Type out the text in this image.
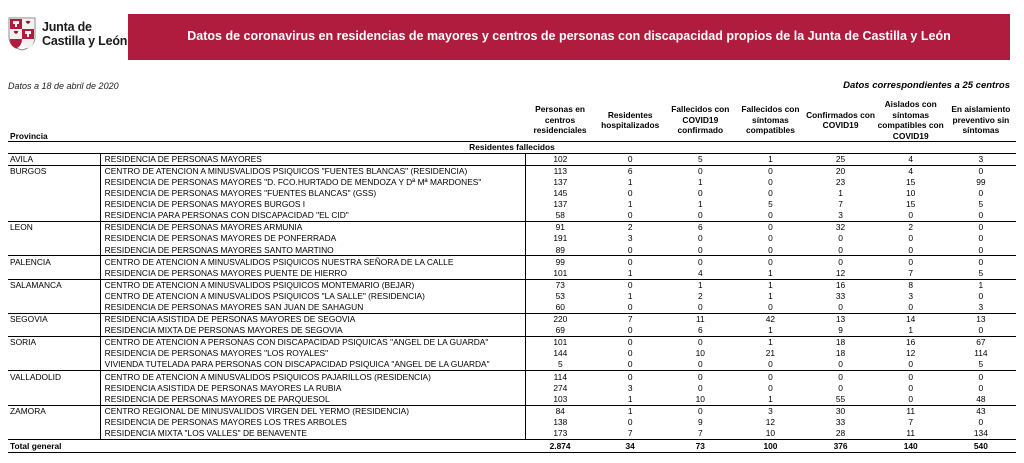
Junta de
Castilla y León	Datos de coronavirus en residencias de mayores y centros de personas con discapacidad propios de la Junta de Castilla y León
Datos a 18 de abril de 2020	Datos correspondientes a 25 centros
Provincia		Personas en centros residenciales	Residentes hospitalizados	Fallecidos con COVID19 confirmado	Fallecidos con síntomas compatibles	Confirmados con COVID19	Aislados con síntomas compatibles con COVID19	En aislamiento preventivo sin síntomas
Residentes fallecidos								
AVILA	RESIDENCIA DE PERSONAS MAYORES	102	0	5	1	25	4	3
BURGOS	CENTRO DE ATENCION A MINUSVALIDOS PSIQUICOS "FUENTES BLANCAS" (RESIDENCIA)	113	6	0	0	20	4	0
	RESIDENCIA DE PERSONAS MAYORES "D. FCO.HURTADO DE MENDOZA Y Dª Mª MARDONES"	137	1	1	0	23	15	99
	RESIDENCIA DE PERSONAS MAYORES "FUENTES BLANCAS" (GSS)	145	0	0	0	1	10	0
	RESIDENCIA DE PERSONAS MAYORES BURGOS I	137	1	1	5	7	15	5
	RESIDENCIA PARA PERSONAS CON DISCAPACIDAD "EL CID"	58	0	0	0	3	0	0
LEON	RESIDENCIA DE PERSONAS MAYORES ARMUNIA	91	2	6	0	32	2	0
	RESIDENCIA DE PERSONAS MAYORES DE PONFERRADA	191	3	0	0	0	0	0
	RESIDENCIA DE PERSONAS MAYORES SANTO MARTINO	89	0	0	0	0	0	0
PALENCIA	CENTRO DE ATENCION A MINUSVALIDOS PSIQUICOS NUESTRA SEÑORA DE LA CALLE	99	0	0	0	0	0	0
	RESIDENCIA DE PERSONAS MAYORES PUENTE DE HIERRO	101	1	4	1	12	7	5
SALAMANCA	CENTRO DE ATENCION A MINUSVALIDOS PSIQUICOS MONTEMARIO (BEJAR)	73	0	1	1	16	8	1
	CENTRO DE ATENCION A MINUSVALIDOS PSIQUICOS "LA SALLE" (RESIDENCIA)	53	1	2	1	33	3	0
	RESIDENCIA DE PERSONAS MAYORES SAN JUAN DE SAHAGUN	60	0	0	0	0	0	3
SEGOVIA	RESIDENCIA ASISTIDA DE PERSONAS MAYORES DE SEGOVIA	220	7	11	42	13	14	13
	RESIDENCIA MIXTA DE PERSONAS MAYORES DE SEGOVIA	69	0	6	1	9	1	0
SORIA	CENTRO DE ATENCION A PERSONAS CON DISCAPACIDAD PSIQUICAS "ANGEL DE LA GUARDA"	101	0	0	1	18	16	67
	RESIDENCIA DE PERSONAS MAYORES "LOS ROYALES"	144	0	10	21	18	12	114
	VIVIENDA TUTELADA PARA PERSONAS CON DISCAPACIDAD PSIQUICA "ANGEL DE LA GUARDA"	5	0	0	0	0	0	5
VALLADOLID	CENTRO DE ATENCION A MINUSVALIDOS PSIQUICOS PAJARILLOS (RESIDENCIA)	114	0	0	0	0	0	0
	RESIDENCIA ASISTIDA DE PERSONAS MAYORES LA RUBIA	274	3	0	0	0	0	0
	RESIDENCIA DE PERSONAS MAYORES DE PARQUESOL	103	1	10	1	55	0	48
ZAMORA	CENTRO REGIONAL DE MINUSVALIDOS VIRGEN DEL YERMO (RESIDENCIA)	84	1	0	3	30	11	43
	RESIDENCIA DE PERSONAS MAYORES LOS TRES ARBOLES	138	0	9	12	33	7	0
	RESIDENCIA MIXTA "LOS VALLES" DE BENAVENTE	173	7	7	10	28	11	134
Total general		2.874	34	73	100	376	140	540
